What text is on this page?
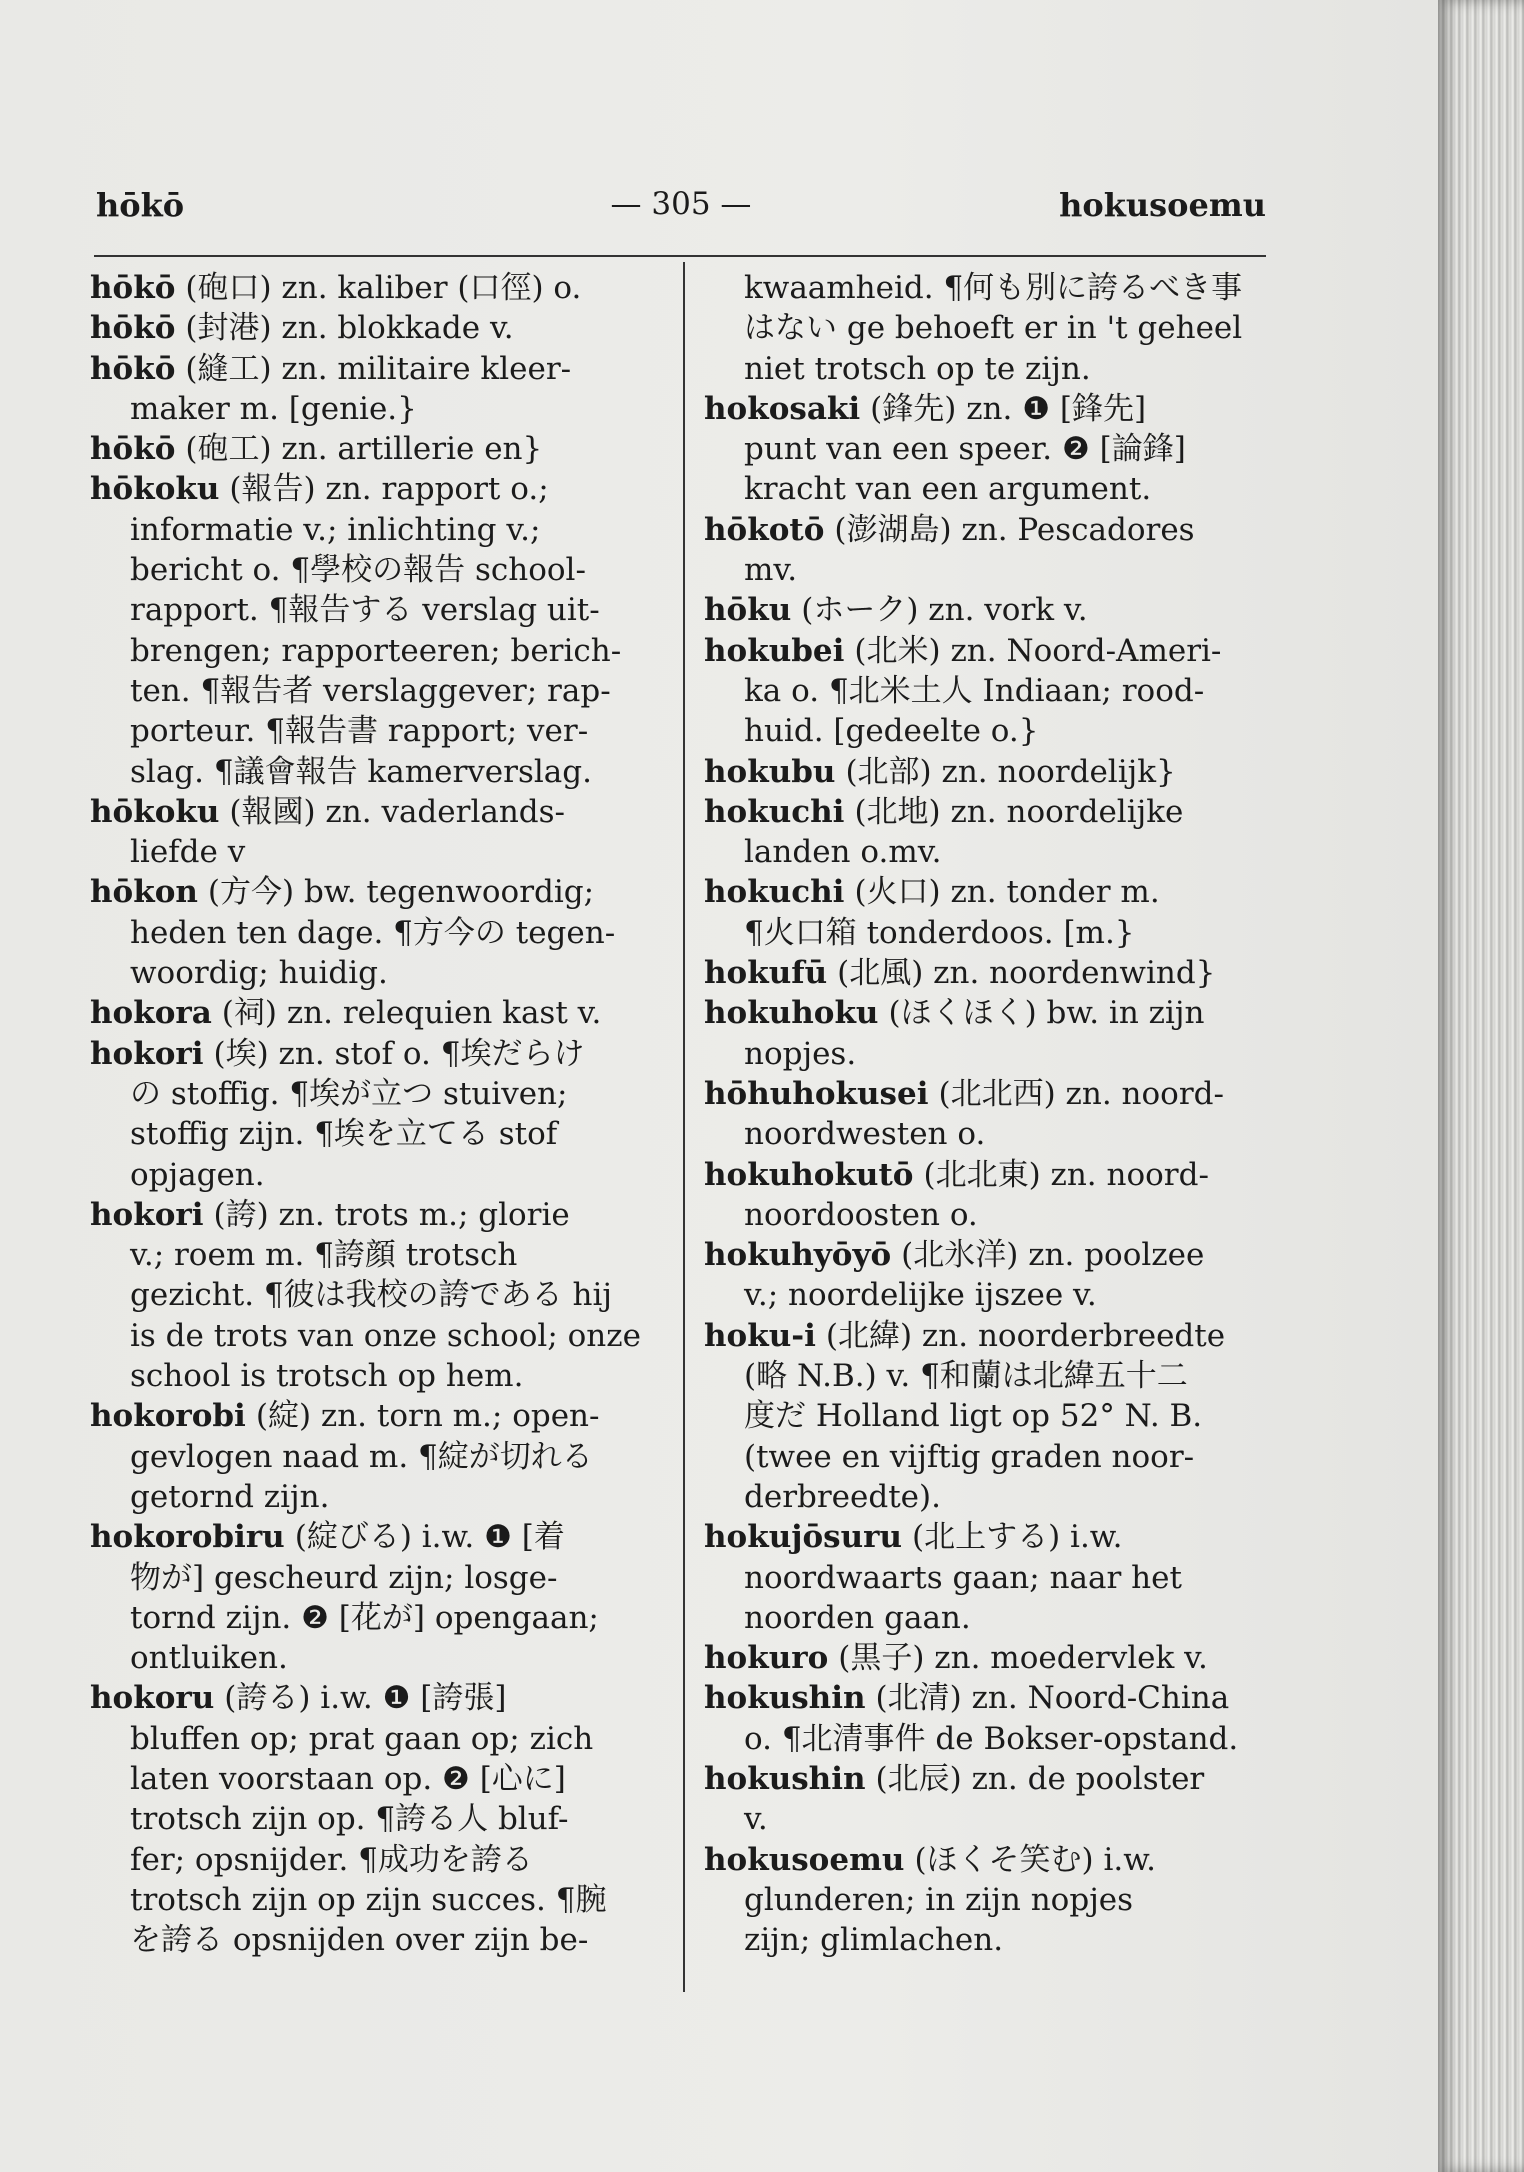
hōkō	— 305 —	hokusoemu
hōkō (砲口) zn. kaliber (口徑) o.
hōkō (封港) zn. blokkade v.
hōkō (縫工) zn. militaire kleer-
maker m. [genie.}
hōkō (砲工) zn. artillerie en}
hōkoku (報告) zn. rapport o.;
informatie v.; inlichting v.;
bericht o. ¶學校の報告 school-
rapport. ¶報告する verslag uit-
brengen; rapporteeren; berich-
ten. ¶報告者 verslaggever; rap-
porteur. ¶報告書 rapport; ver-
slag. ¶議會報告 kamerverslag.
hōkoku (報國) zn. vaderlands-
liefde v
hōkon (方今) bw. tegenwoordig;
heden ten dage. ¶方今の tegen-
woordig; huidig.
hokora (祠) zn. relequien kast v.
hokori (埃) zn. stof o. ¶埃だらけ
の stoffig. ¶埃が立つ stuiven;
stoffig zijn. ¶埃を立てる stof
opjagen.
hokori (誇) zn. trots m.; glorie
v.; roem m. ¶誇顔 trotsch
gezicht. ¶彼は我校の誇である hij
is de trots van onze school; onze
school is trotsch op hem.
hokorobi (綻) zn. torn m.; open-
gevlogen naad m. ¶綻が切れる
getornd zijn.
hokorobiru (綻びる) i.w. ❶ [着
物が] gescheurd zijn; losge-
tornd zijn. ❷ [花が] opengaan;
ontluiken.
hokoru (誇る) i.w. ❶ [誇張]
bluffen op; prat gaan op; zich
laten voorstaan op. ❷ [心に]
trotsch zijn op. ¶誇る人 bluf-
fer; opsnijder. ¶成功を誇る
trotsch zijn op zijn succes. ¶腕
を誇る opsnijden over zijn be-
kwaamheid. ¶何も別に誇るべき事
はない ge behoeft er in 't geheel
niet trotsch op te zijn.
hokosaki (鋒先) zn. ❶ [鋒先]
punt van een speer. ❷ [論鋒]
kracht van een argument.
hōkotō (澎湖島) zn. Pescadores
mv.
hōku (ホーク) zn. vork v.
hokubei (北米) zn. Noord-Ameri-
ka o. ¶北米土人 Indiaan; rood-
huid. [gedeelte o.}
hokubu (北部) zn. noordelijk}
hokuchi (北地) zn. noordelijke
landen o.mv.
hokuchi (火口) zn. tonder m.
¶火口箱 tonderdoos. [m.}
hokufū (北風) zn. noordenwind}
hokuhoku (ほくほく) bw. in zijn
nopjes.
hōhuhokusei (北北西) zn. noord-
noordwesten o.
hokuhokutō (北北東) zn. noord-
noordoosten o.
hokuhyōyō (北氷洋) zn. poolzee
v.; noordelijke ijszee v.
hoku-i (北緯) zn. noorderbreedte
(略 N.B.) v. ¶和蘭は北緯五十二
度だ Holland ligt op 52° N. B.
(twee en vijftig graden noor-
derbreedte).
hokujōsuru (北上する) i.w.
noordwaarts gaan; naar het
noorden gaan.
hokuro (黒子) zn. moedervlek v.
hokushin (北清) zn. Noord-China
o. ¶北清事件 de Bokser-opstand.
hokushin (北辰) zn. de poolster
v.
hokusoemu (ほくそ笑む) i.w.
glunderen; in zijn nopjes
zijn; glimlachen.
